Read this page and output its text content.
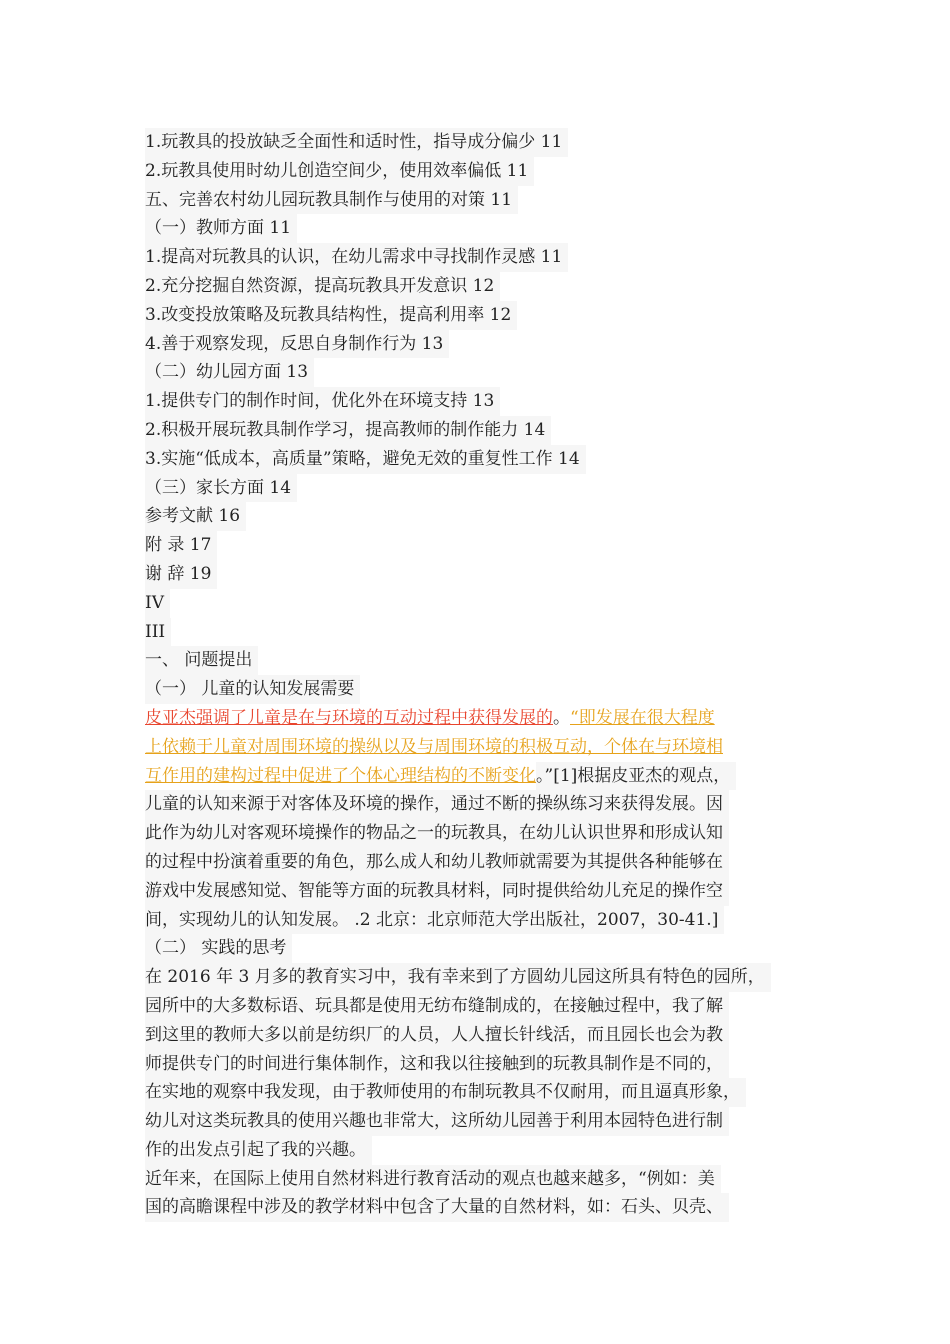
1.玩教具的投放缺乏全面性和适时性，指导成分偏少 11
2.玩教具使用时幼儿创造空间少，使用效率偏低 11
五、完善农村幼儿园玩教具制作与使用的对策 11
（一）教师方面 11
1.提高对玩教具的认识，在幼儿需求中寻找制作灵感 11
2.充分挖掘自然资源，提高玩教具开发意识 12
3.改变投放策略及玩教具结构性，提高利用率 12
4.善于观察发现，反思自身制作行为 13
（二）幼儿园方面 13
1.提供专门的制作时间，优化外在环境支持 13
2.积极开展玩教具制作学习，提高教师的制作能力 14
3.实施“低成本，高质量”策略，避免无效的重复性工作 14
（三）家长方面 14
参考文献 16
附 录 17
谢 辞 19
IV
III
一、 问题提出
（一） 儿童的认知发展需要
皮亚杰强调了儿童是在与环境的互动过程中获得发展的。“即发展在很大程度
上依赖于儿童对周围环境的操纵以及与周围环境的积极互动，个体在与环境相
互作用的建构过程中促进了个体心理结构的不断变化。”[1]根据皮亚杰的观点，
儿童的认知来源于对客体及环境的操作，通过不断的操纵练习来获得发展。因
此作为幼儿对客观环境操作的物品之一的玩教具，在幼儿认识世界和形成认知
的过程中扮演着重要的角色，那么成人和幼儿教师就需要为其提供各种能够在
游戏中发展感知觉、智能等方面的玩教具材料，同时提供给幼儿充足的操作空
间，实现幼儿的认知发展。 .2 北京：北京师范大学出版社，2007，30-41.]
（二） 实践的思考
在 2016 年 3 月多的教育实习中，我有幸来到了方圆幼儿园这所具有特色的园所，
园所中的大多数标语、玩具都是使用无纺布缝制成的，在接触过程中，我了解
到这里的教师大多以前是纺织厂的人员，人人擅长针线活，而且园长也会为教
师提供专门的时间进行集体制作，这和我以往接触到的玩教具制作是不同的，
在实地的观察中我发现，由于教师使用的布制玩教具不仅耐用，而且逼真形象，
幼儿对这类玩教具的使用兴趣也非常大，这所幼儿园善于利用本园特色进行制
作的出发点引起了我的兴趣。
近年来，在国际上使用自然材料进行教育活动的观点也越来越多，“例如：美
国的高瞻课程中涉及的教学材料中包含了大量的自然材料，如：石头、贝壳、
